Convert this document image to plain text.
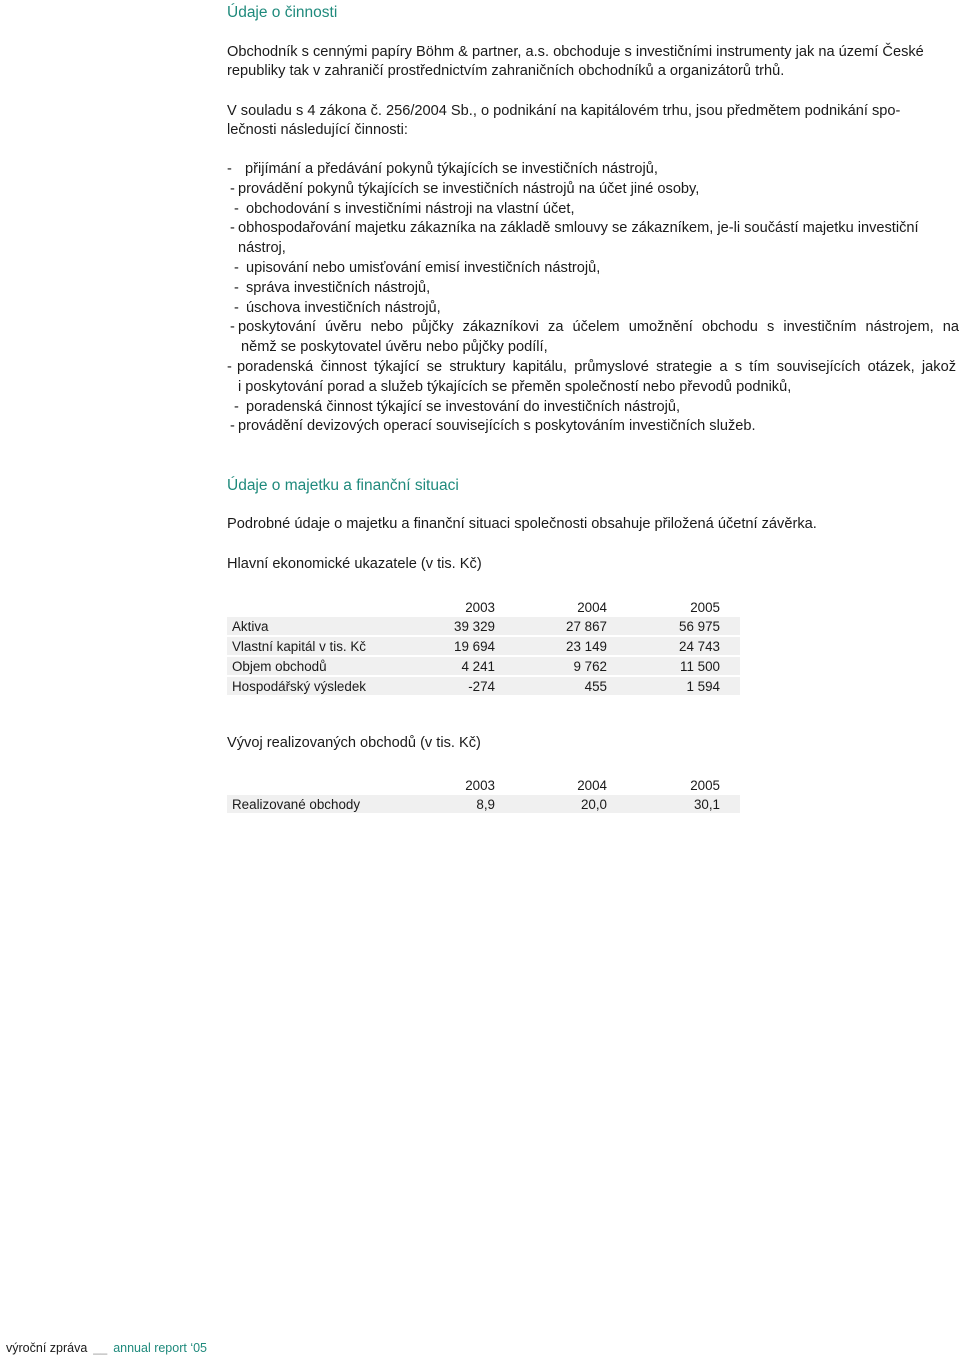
Údaje o činnosti
Obchodník s cennými papíry Böhm & partner, a.s. obchoduje s investičními instrumenty jak na území České
republiky tak v zahraničí prostřednictvím zahraničních obchodníků a organizátorů trhů.
V souladu s 4 zákona č. 256/2004 Sb., o podnikání na kapitálovém trhu, jsou předmětem podnikání spo-
lečnosti následující činnosti:
- přijímání a předávání pokynů týkajících se investičních nástrojů,
- provádění pokynů týkajících se investičních nástrojů na účet jiné osoby,
- obchodování s investičními nástroji na vlastní účet,
- obhospodařování majetku zákazníka na základě smlouvy se zákazníkem, je-li součástí majetku investiční
nástroj,
- upisování nebo umisťování emisí investičních nástrojů,
- správa investičních nástrojů,
- úschova investičních nástrojů,
- poskytování úvěru nebo půjčky zákazníkovi za účelem umožnění obchodu s investičním nástrojem, na
němž se poskytovatel úvěru nebo půjčky podílí,
- poradenská činnost týkající se struktury kapitálu, průmyslové strategie a s tím souvisejících otázek, jakož
i poskytování porad a služeb týkajících se přeměn společností nebo převodů podniků,
- poradenská činnost týkající se investování do investičních nástrojů,
- provádění devizových operací souvisejících s poskytováním investičních služeb.
Údaje o majetku a finanční situaci
Podrobné údaje o majetku a finanční situaci společnosti obsahuje přiložená účetní závěrka.
Hlavní ekonomické ukazatele (v tis. Kč)
	2003	2004	2005	
Aktiva	39 329	27 867	56 975	
Vlastní kapitál v tis. Kč	19 694	23 149	24 743	
Objem obchodů	4 241	9 762	11 500	
Hospodářský výsledek	-274	455	1 594	
Vývoj realizovaných obchodů (v tis. Kč)
	2003	2004	2005	
Realizované obchody	8,9	20,0	30,1	
výroční zpráva __ annual report ‘05
